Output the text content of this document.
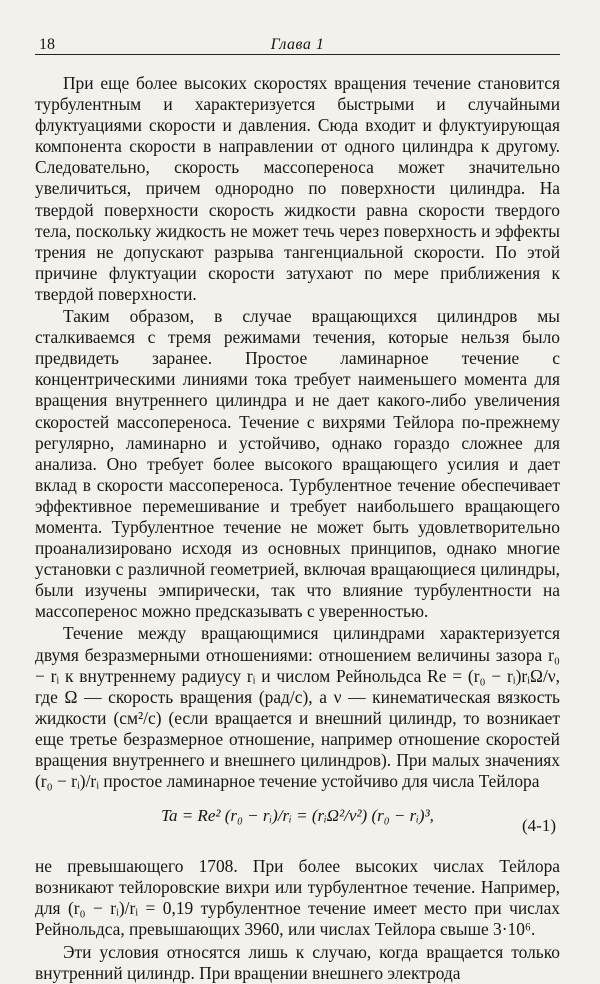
18	Глава 1

При еще более высоких скоростях вращения течение становится турбулентным и характеризуется быстрыми и случайными флуктуациями скорости и давления. Сюда входит и флуктуирующая компонента скорости в направлении от одного цилиндра к другому. Следовательно, скорость массопереноса может значительно увеличиться, причем однородно по поверхности цилиндра. На твердой поверхности скорость жидкости равна скорости твердого тела, поскольку жидкость не может течь через поверхность и эффекты трения не допускают разрыва тангенциальной скорости. По этой причине флуктуации скорости затухают по мере приближения к твердой поверхности.

Таким образом, в случае вращающихся цилиндров мы сталкиваемся с тремя режимами течения, которые нельзя было предвидеть заранее. Простое ламинарное течение с концентрическими линиями тока требует наименьшего момента для вращения внутреннего цилиндра и не дает какого-либо увеличения скоростей массопереноса. Течение с вихрями Тейлора по-прежнему регулярно, ламинарно и устойчиво, однако гораздо сложнее для анализа. Оно требует более высокого вращающего усилия и дает вклад в скорости массопереноса. Турбулентное течение обеспечивает эффективное перемешивание и требует наибольшего вращающего момента. Турбулентное течение не может быть удовлетворительно проанализировано исходя из основных принципов, однако многие установки с различной геометрией, включая вращающиеся цилиндры, были изучены эмпирически, так что влияние турбулентности на массоперенос можно предсказывать с уверенностью.

Течение между вращающимися цилиндрами характеризуется двумя безразмерными отношениями: отношением величины зазора r₀ − rᵢ к внутреннему радиусу rᵢ и числом Рейнольдса Re = (r₀ − rᵢ)rᵢΩ/ν, где Ω — скорость вращения (рад/с), а ν — кинематическая вязкость жидкости (см²/с) (если вращается и внешний цилиндр, то возникает еще третье безразмерное отношение, например отношение скоростей вращения внутреннего и внешнего цилиндров). При малых значениях (r₀ − rᵢ)/rᵢ простое ламинарное течение устойчиво для числа Тейлора

Ta = Re² (r₀ − rᵢ)/rᵢ = (rᵢΩ²/ν²) (r₀ − rᵢ)³,
(4-1)

не превышающего 1708. При более высоких числах Тейлора возникают тейлоровские вихри или турбулентное течение. Например, для (r₀ − rᵢ)/rᵢ = 0,19 турбулентное течение имеет место при числах Рейнольдса, превышающих 3960, или числах Тейлора свыше 3·10⁶.

Эти условия относятся лишь к случаю, когда вращается только внутренний цилиндр. При вращении внешнего электрода
